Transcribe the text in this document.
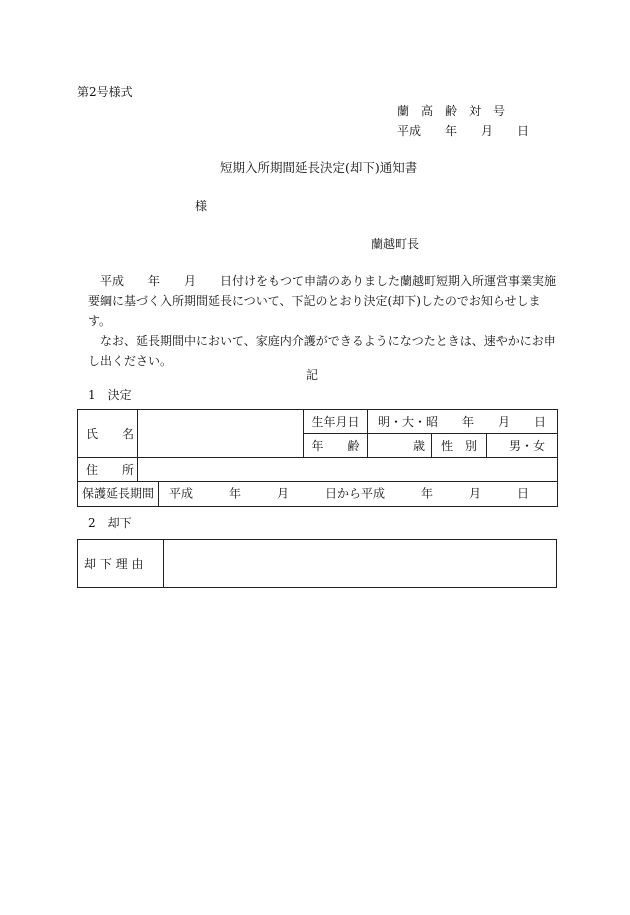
第2号様式
蘭　高　齢　対　号
平成　　年　　月　　日
短期入所期間延長決定(却下)通知書
様
蘭越町長

平成　　年　　月　　日付けをもつて申請のありました蘭越町短期入所運営事業実施要綱に基づく入所期間延長について、下記のとおり決定(却下)したのでお知らせします。

なお、延長期間中において、家庭内介護ができるようになつたときは、速やかにお申し出ください。

記
1　決定
氏　　名		生年月日	明・大・昭　　年　　月　　日		
		年　　齢	歳	性　別	男・女
住　　所					
保護延長期間 平成　　　年　　　月　　　日から平成　　　年　　　月　　　日					
2　却下
却 下 理 由	
